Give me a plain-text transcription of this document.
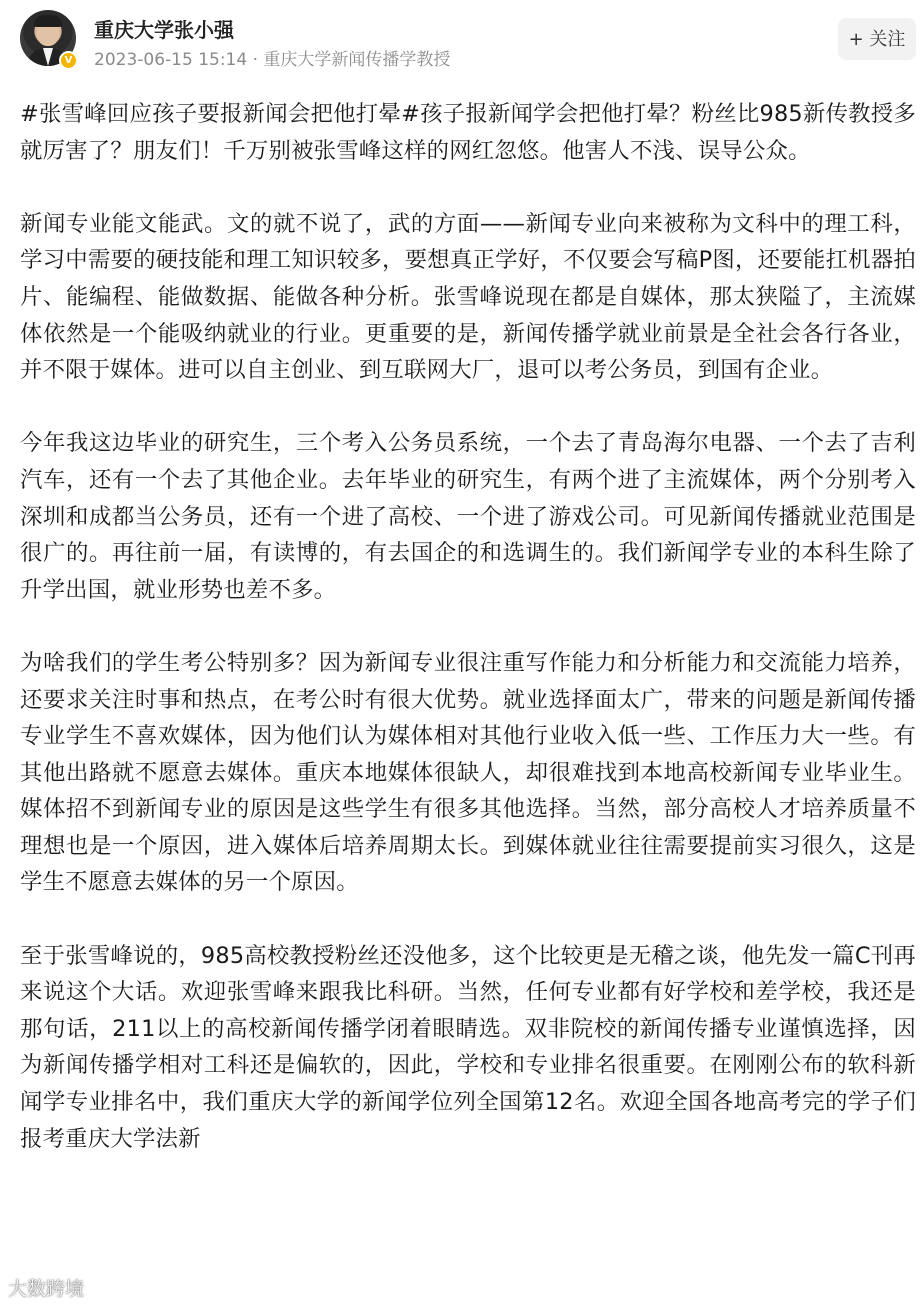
V
重庆大学张小强
2023-06-15 15:14 · 重庆大学新闻传播学教授
+ 关注

#张雪峰回应孩子要报新闻会把他打晕#孩子报新闻学会把他打晕？粉丝比985新传教授多就厉害了？朋友们！千万别被张雪峰这样的网红忽悠。他害人不浅、误导公众。

新闻专业能文能武。文的就不说了，武的方面——新闻专业向来被称为文科中的理工科，学习中需要的硬技能和理工知识较多，要想真正学好，不仅要会写稿P图，还要能扛机器拍片、能编程、能做数据、能做各种分析。张雪峰说现在都是自媒体，那太狭隘了，主流媒体依然是一个能吸纳就业的行业。更重要的是，新闻传播学就业前景是全社会各行各业，并不限于媒体。进可以自主创业、到互联网大厂，退可以考公务员，到国有企业。

今年我这边毕业的研究生，三个考入公务员系统，一个去了青岛海尔电器、一个去了吉利汽车，还有一个去了其他企业。去年毕业的研究生，有两个进了主流媒体，两个分别考入深圳和成都当公务员，还有一个进了高校、一个进了游戏公司。可见新闻传播就业范围是很广的。再往前一届，有读博的，有去国企的和选调生的。我们新闻学专业的本科生除了升学出国，就业形势也差不多。

为啥我们的学生考公特别多？因为新闻专业很注重写作能力和分析能力和交流能力培养，还要求关注时事和热点，在考公时有很大优势。就业选择面太广，带来的问题是新闻传播专业学生不喜欢媒体，因为他们认为媒体相对其他行业收入低一些、工作压力大一些。有其他出路就不愿意去媒体。重庆本地媒体很缺人，却很难找到本地高校新闻专业毕业生。媒体招不到新闻专业的原因是这些学生有很多其他选择。当然，部分高校人才培养质量不理想也是一个原因，进入媒体后培养周期太长。到媒体就业往往需要提前实习很久，这是学生不愿意去媒体的另一个原因。

至于张雪峰说的，985高校教授粉丝还没他多，这个比较更是无稽之谈，他先发一篇C刊再来说这个大话。欢迎张雪峰来跟我比科研。当然，任何专业都有好学校和差学校，我还是那句话，211以上的高校新闻传播学闭着眼睛选。双非院校的新闻传播专业谨慎选择，因为新闻传播学相对工科还是偏软的，因此，学校和专业排名很重要。在刚刚公布的软科新闻学专业排名中，我们重庆大学的新闻学位列全国第12名。欢迎全国各地高考完的学子们报考重庆大学法新

大数跨境
